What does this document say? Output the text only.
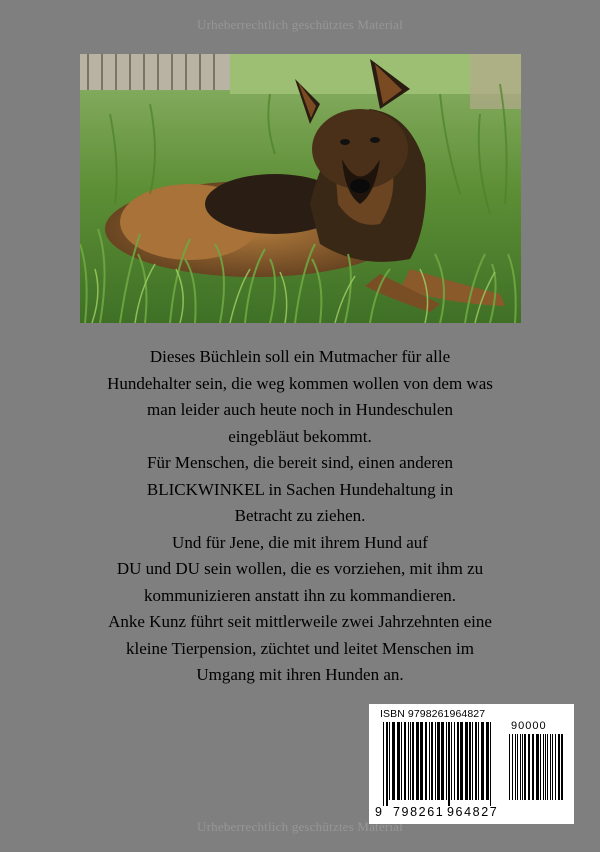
Urheberrechtlich geschütztes Material

Dieses Büchlein soll ein Mutmacher für alle

Hundehalter sein, die weg kommen wollen von dem was

man leider auch heute noch in Hundeschulen

eingebläut bekommt.

Für Menschen, die bereit sind, einen anderen

BLICKWINKEL in Sachen Hundehaltung in

Betracht zu ziehen.

Und für Jene, die mit ihrem Hund auf

DU und DU sein wollen, die es vorziehen, mit ihm zu

kommunizieren anstatt ihn zu kommandieren.

Anke Kunz führt seit mittlerweile zwei Jahrzehnten eine

kleine Tierpension, züchtet und leitet Menschen im

Umgang mit ihren Hunden an.

ISBN 9798261964827
90000
9 798261 964827
Urheberrechtlich geschütztes Material
